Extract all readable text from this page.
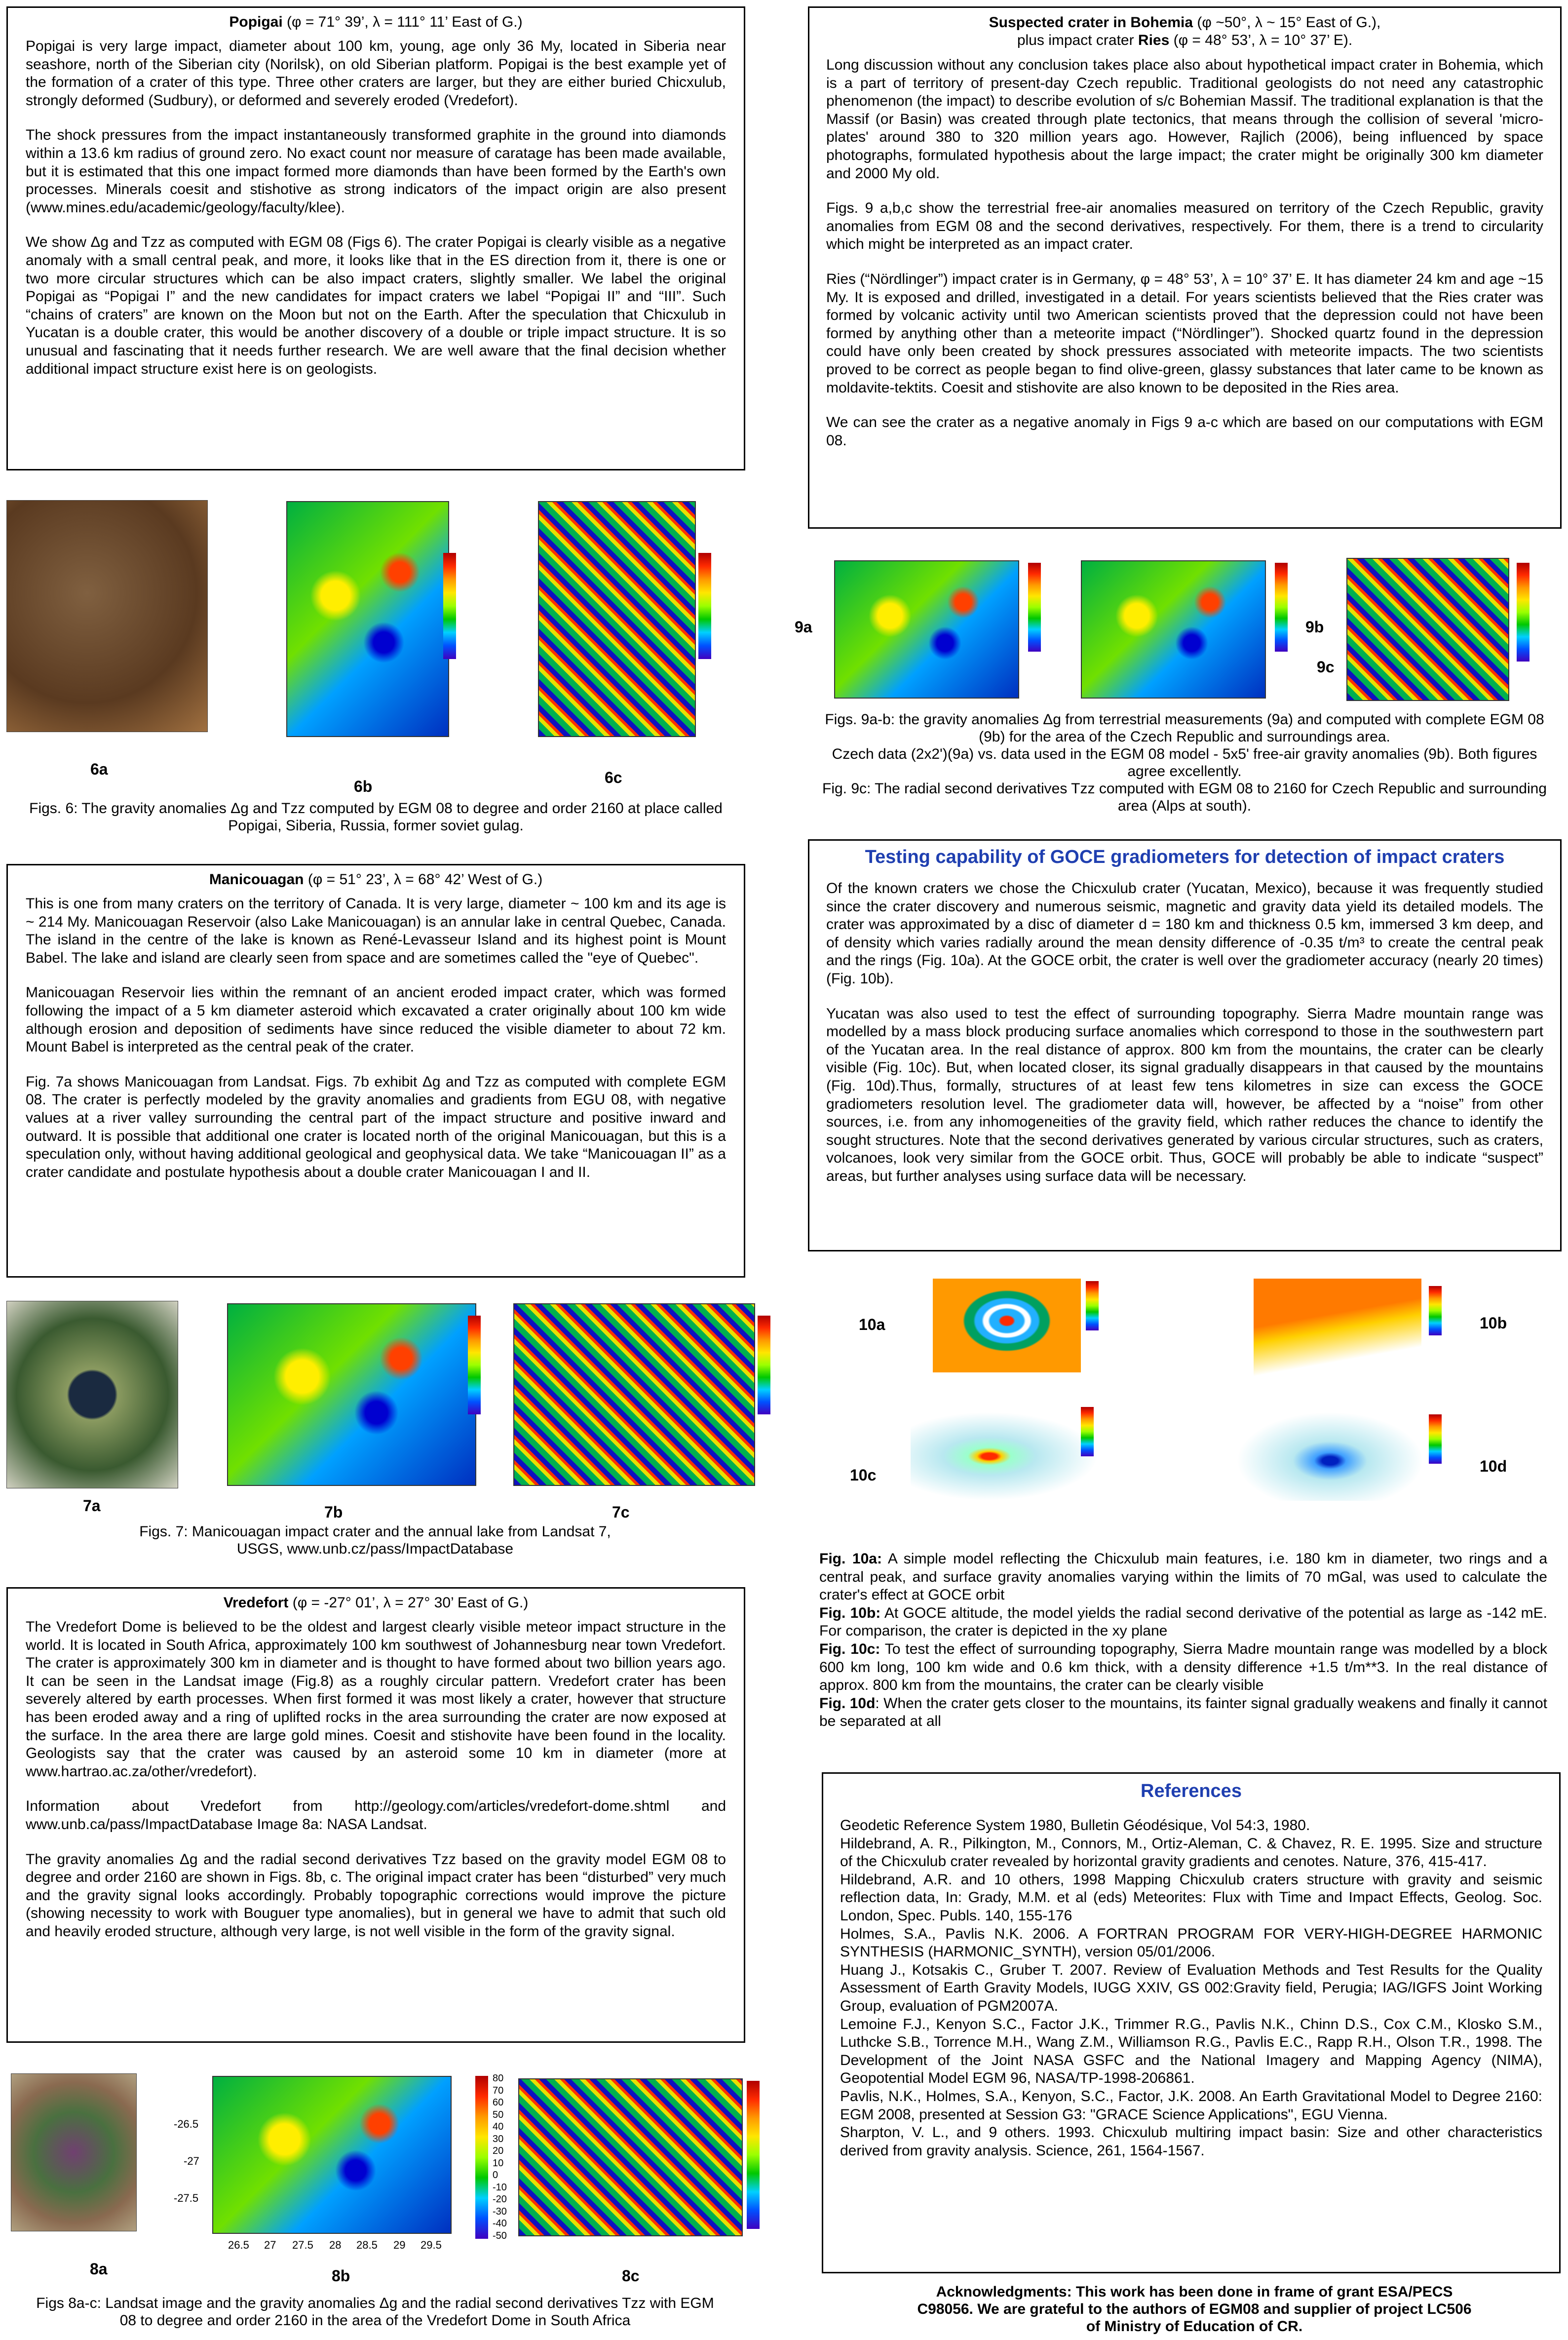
Popigai (φ = 71° 39’, λ = 111° 11’ East of G.)

Popigai is very large impact, diameter about 100 km, young, age only 36 My, located in Siberia near seashore, north of the Siberian city (Norilsk), on old Siberian platform. Popigai is the best example yet of the formation of a crater of this type. Three other craters are larger, but they are either buried Chicxulub, strongly deformed (Sudbury), or deformed and severely eroded (Vredefort).

The shock pressures from the impact instantaneously transformed graphite in the ground into diamonds within a 13.6 km radius of ground zero. No exact count nor measure of caratage has been made available, but it is estimated that this one impact formed more diamonds than have been formed by the Earth's own processes. Minerals coesit and stishotive as strong indicators of the impact origin are also present (www.mines.edu/academic/geology/faculty/klee).

We show Δg and Tzz as computed with EGM 08 (Figs 6). The crater Popigai is clearly visible as a negative anomaly with a small central peak, and more, it looks like that in the ES direction from it, there is one or two more circular structures which can be also impact craters, slightly smaller. We label the original Popigai as “Popigai I” and the new candidates for impact craters we label “Popigai II” and “III”. Such “chains of craters” are known on the Moon but not on the Earth. After the speculation that Chicxulub in Yucatan is a double crater, this would be another discovery of a double or triple impact structure. It is so unusual and fascinating that it needs further research. We are well aware that the final decision whether additional impact structure exist here is on geologists.

6a
6b	6c
Figs. 6: The gravity anomalies Δg and Tzz computed by EGM 08 to degree and order 2160 at place called Popigai, Siberia, Russia, former soviet gulag.
Manicouagan (φ = 51° 23’, λ = 68° 42’ West of G.)

This is one from many craters on the territory of Canada. It is very large, diameter ~ 100 km and its age is ~ 214 My. Manicouagan Reservoir (also Lake Manicouagan) is an annular lake in central Quebec, Canada. The island in the centre of the lake is known as René-Levasseur Island and its highest point is Mount Babel. The lake and island are clearly seen from space and are sometimes called the "eye of Quebec".

Manicouagan Reservoir lies within the remnant of an ancient eroded impact crater, which was formed following the impact of a 5 km diameter asteroid which excavated a crater originally about 100 km wide although erosion and deposition of sediments have since reduced the visible diameter to about 72 km. Mount Babel is interpreted as the central peak of the crater.

Fig. 7a shows Manicouagan from Landsat. Figs. 7b exhibit Δg and Tzz as computed with complete EGM 08. The crater is perfectly modeled by the gravity anomalies and gradients from EGU 08, with negative values at a river valley surrounding the central part of the impact structure and positive inward and outward. It is possible that additional one crater is located north of the original Manicouagan, but this is a speculation only, without having additional geological and geophysical data. We take “Manicouagan II” as a crater candidate and postulate hypothesis about a double crater Manicouagan I and II.

7a	7b	7c
Figs. 7: Manicouagan impact crater and the annual lake from Landsat 7, USGS, www.unb.cz/pass/ImpactDatabase
Vredefort (φ = -27° 01’, λ = 27° 30’ East of G.)

The Vredefort Dome is believed to be the oldest and largest clearly visible meteor impact structure in the world. It is located in South Africa, approximately 100 km southwest of Johannesburg near town Vredefort. The crater is approximately 300 km in diameter and is thought to have formed about two billion years ago. It can be seen in the Landsat image (Fig.8) as a roughly circular pattern. Vredefort crater has been severely altered by earth processes. When first formed it was most likely a crater, however that structure has been eroded away and a ring of uplifted rocks in the area surrounding the crater are now exposed at the surface. In the area there are large gold mines. Coesit and stishovite have been found in the locality. Geologists say that the crater was caused by an asteroid some 10 km in diameter (more at www.hartrao.ac.za/other/vredefort).

Information about Vredefort from http://geology.com/articles/vredefort-dome.shtml and www.unb.ca/pass/ImpactDatabase Image 8a: NASA Landsat.

The gravity anomalies Δg and the radial second derivatives Tzz based on the gravity model EGM 08 to degree and order 2160 are shown in Figs. 8b, c. The original impact crater has been “disturbed” very much and the gravity signal looks accordingly. Probably topographic corrections would improve the picture (showing necessity to work with Bouguer type anomalies), but in general we have to admit that such old and heavily eroded structure, although very large, is not well visible in the form of the gravity signal.

-26.5
-27
-27.5
26.5 27 27.5 28 28.5 29 29.5
80
70
60
50
40
30
20
10
0
-10
-20
-30
-40
-50
8a	8b	8c
Figs 8a-c: Landsat image and the gravity anomalies Δg and the radial second derivatives Tzz with EGM 08 to degree and order 2160 in the area of the Vredefort Dome in South Africa
Suspected crater in Bohemia (φ ~50°, λ ~ 15° East of G.),
plus impact crater Ries (φ = 48° 53’, λ = 10° 37’ E).

Long discussion without any conclusion takes place also about hypothetical impact crater in Bohemia, which is a part of territory of present-day Czech republic. Traditional geologists do not need any catastrophic phenomenon (the impact) to describe evolution of s/c Bohemian Massif. The traditional explanation is that the Massif (or Basin) was created through plate tectonics, that means through the collision of several 'micro-plates' around 380 to 320 million years ago. However, Rajlich (2006), being influenced by space photographs, formulated hypothesis about the large impact; the crater might be originally 300 km diameter and 2000 My old.

Figs. 9 a,b,c show the terrestrial free-air anomalies measured on territory of the Czech Republic, gravity anomalies from EGM 08 and the second derivatives, respectively. For them, there is a trend to circularity which might be interpreted as an impact crater.

Ries (“Nördlinger”) impact crater is in Germany, φ = 48° 53’, λ = 10° 37’ E. It has diameter 24 km and age ~15 My. It is exposed and drilled, investigated in a detail. For years scientists believed that the Ries crater was formed by volcanic activity until two American scientists proved that the depression could not have been formed by anything other than a meteorite impact (“Nördlinger”). Shocked quartz found in the depression could have only been created by shock pressures associated with meteorite impacts. The two scientists proved to be correct as people began to find olive-green, glassy substances that later came to be known as moldavite-tektits. Coesit and stishovite are also known to be deposited in the Ries area.

We can see the crater as a negative anomaly in Figs 9 a-c which are based on our computations with EGM 08.

9a	9b
9c
Figs. 9a-b: the gravity anomalies Δg from terrestrial measurements (9a) and computed with complete EGM 08 (9b) for the area of the Czech Republic and surroundings area.
Czech data (2x2')(9a) vs. data used in the EGM 08 model - 5x5' free-air gravity anomalies (9b). Both figures agree excellently.
Fig. 9c: The radial second derivatives Tzz computed with EGM 08 to 2160 for Czech Republic and surrounding area (Alps at south).
Testing capability of GOCE gradiometers for detection of impact craters

Of the known craters we chose the Chicxulub crater (Yucatan, Mexico), because it was frequently studied since the crater discovery and numerous seismic, magnetic and gravity data yield its detailed models. The crater was approximated by a disc of diameter d = 180 km and thickness 0.5 km, immersed 3 km deep, and of density which varies radially around the mean density difference of -0.35 t/m³ to create the central peak and the rings (Fig. 10a). At the GOCE orbit, the crater is well over the gradiometer accuracy (nearly 20 times) (Fig. 10b).

Yucatan was also used to test the effect of surrounding topography. Sierra Madre mountain range was modelled by a mass block producing surface anomalies which correspond to those in the southwestern part of the Yucatan area. In the real distance of approx. 800 km from the mountains, the crater can be clearly visible (Fig. 10c). But, when located closer, its signal gradually disappears in that caused by the mountains (Fig. 10d).Thus, formally, structures of at least few tens kilometres in size can excess the GOCE gradiometers resolution level. The gradiometer data will, however, be affected by a “noise” from other sources, i.e. from any inhomogeneities of the gravity field, which rather reduces the chance to identify the sought structures. Note that the second derivatives generated by various circular structures, such as craters, volcanoes, look very similar from the GOCE orbit. Thus, GOCE will probably be able to indicate “suspect” areas, but further analyses using surface data will be necessary.

10a	10b
10c	10d

Fig. 10a: A simple model reflecting the Chicxulub main features, i.e. 180 km in diameter, two rings and a central peak, and surface gravity anomalies varying within the limits of 70 mGal, was used to calculate the crater's effect at GOCE orbit

Fig. 10b: At GOCE altitude, the model yields the radial second derivative of the potential as large as -142 mE. For comparison, the crater is depicted in the xy plane

Fig. 10c: To test the effect of surrounding topography, Sierra Madre mountain range was modelled by a block 600 km long, 100 km wide and 0.6 km thick, with a density difference +1.5 t/m**3. In the real distance of approx. 800 km from the mountains, the crater can be clearly visible

Fig. 10d: When the crater gets closer to the mountains, its fainter signal gradually weakens and finally it cannot be separated at all

References

Geodetic Reference System 1980, Bulletin Géodésique, Vol 54:3, 1980.

Hildebrand, A. R., Pilkington, M., Connors, M., Ortiz-Aleman, C. & Chavez, R. E. 1995. Size and structure of the Chicxulub crater revealed by horizontal gravity gradients and cenotes. Nature, 376, 415-417.

Hildebrand, A.R. and 10 others, 1998 Mapping Chicxulub craters structure with gravity and seismic reflection data, In: Grady, M.M. et al (eds) Meteorites: Flux with Time and Impact Effects, Geolog. Soc. London, Spec. Publs. 140, 155-176

Holmes, S.A., Pavlis N.K. 2006. A FORTRAN PROGRAM FOR VERY-HIGH-DEGREE HARMONIC SYNTHESIS (HARMONIC_SYNTH), version 05/01/2006.

Huang J., Kotsakis C., Gruber T. 2007. Review of Evaluation Methods and Test Results for the Quality Assessment of Earth Gravity Models, IUGG XXIV, GS 002:Gravity field, Perugia; IAG/IGFS Joint Working Group, evaluation of PGM2007A.

Lemoine F.J., Kenyon S.C., Factor J.K., Trimmer R.G., Pavlis N.K., Chinn D.S., Cox C.M., Klosko S.M., Luthcke S.B., Torrence M.H., Wang Z.M., Williamson R.G., Pavlis E.C., Rapp R.H., Olson T.R., 1998. The Development of the Joint NASA GSFC and the National Imagery and Mapping Agency (NIMA), Geopotential Model EGM 96, NASA/TP-1998-206861.

Pavlis, N.K., Holmes, S.A., Kenyon, S.C., Factor, J.K. 2008. An Earth Gravitational Model to Degree 2160: EGM 2008, presented at Session G3: "GRACE Science Applications", EGU Vienna.

Sharpton, V. L., and 9 others. 1993. Chicxulub multiring impact basin: Size and other characteristics derived from gravity analysis. Science, 261, 1564-1567.

Acknowledgments: This work has been done in frame of grant ESA/PECS
C98056. We are grateful to the authors of EGM08 and supplier of project LC506
of Ministry of Education of CR.
